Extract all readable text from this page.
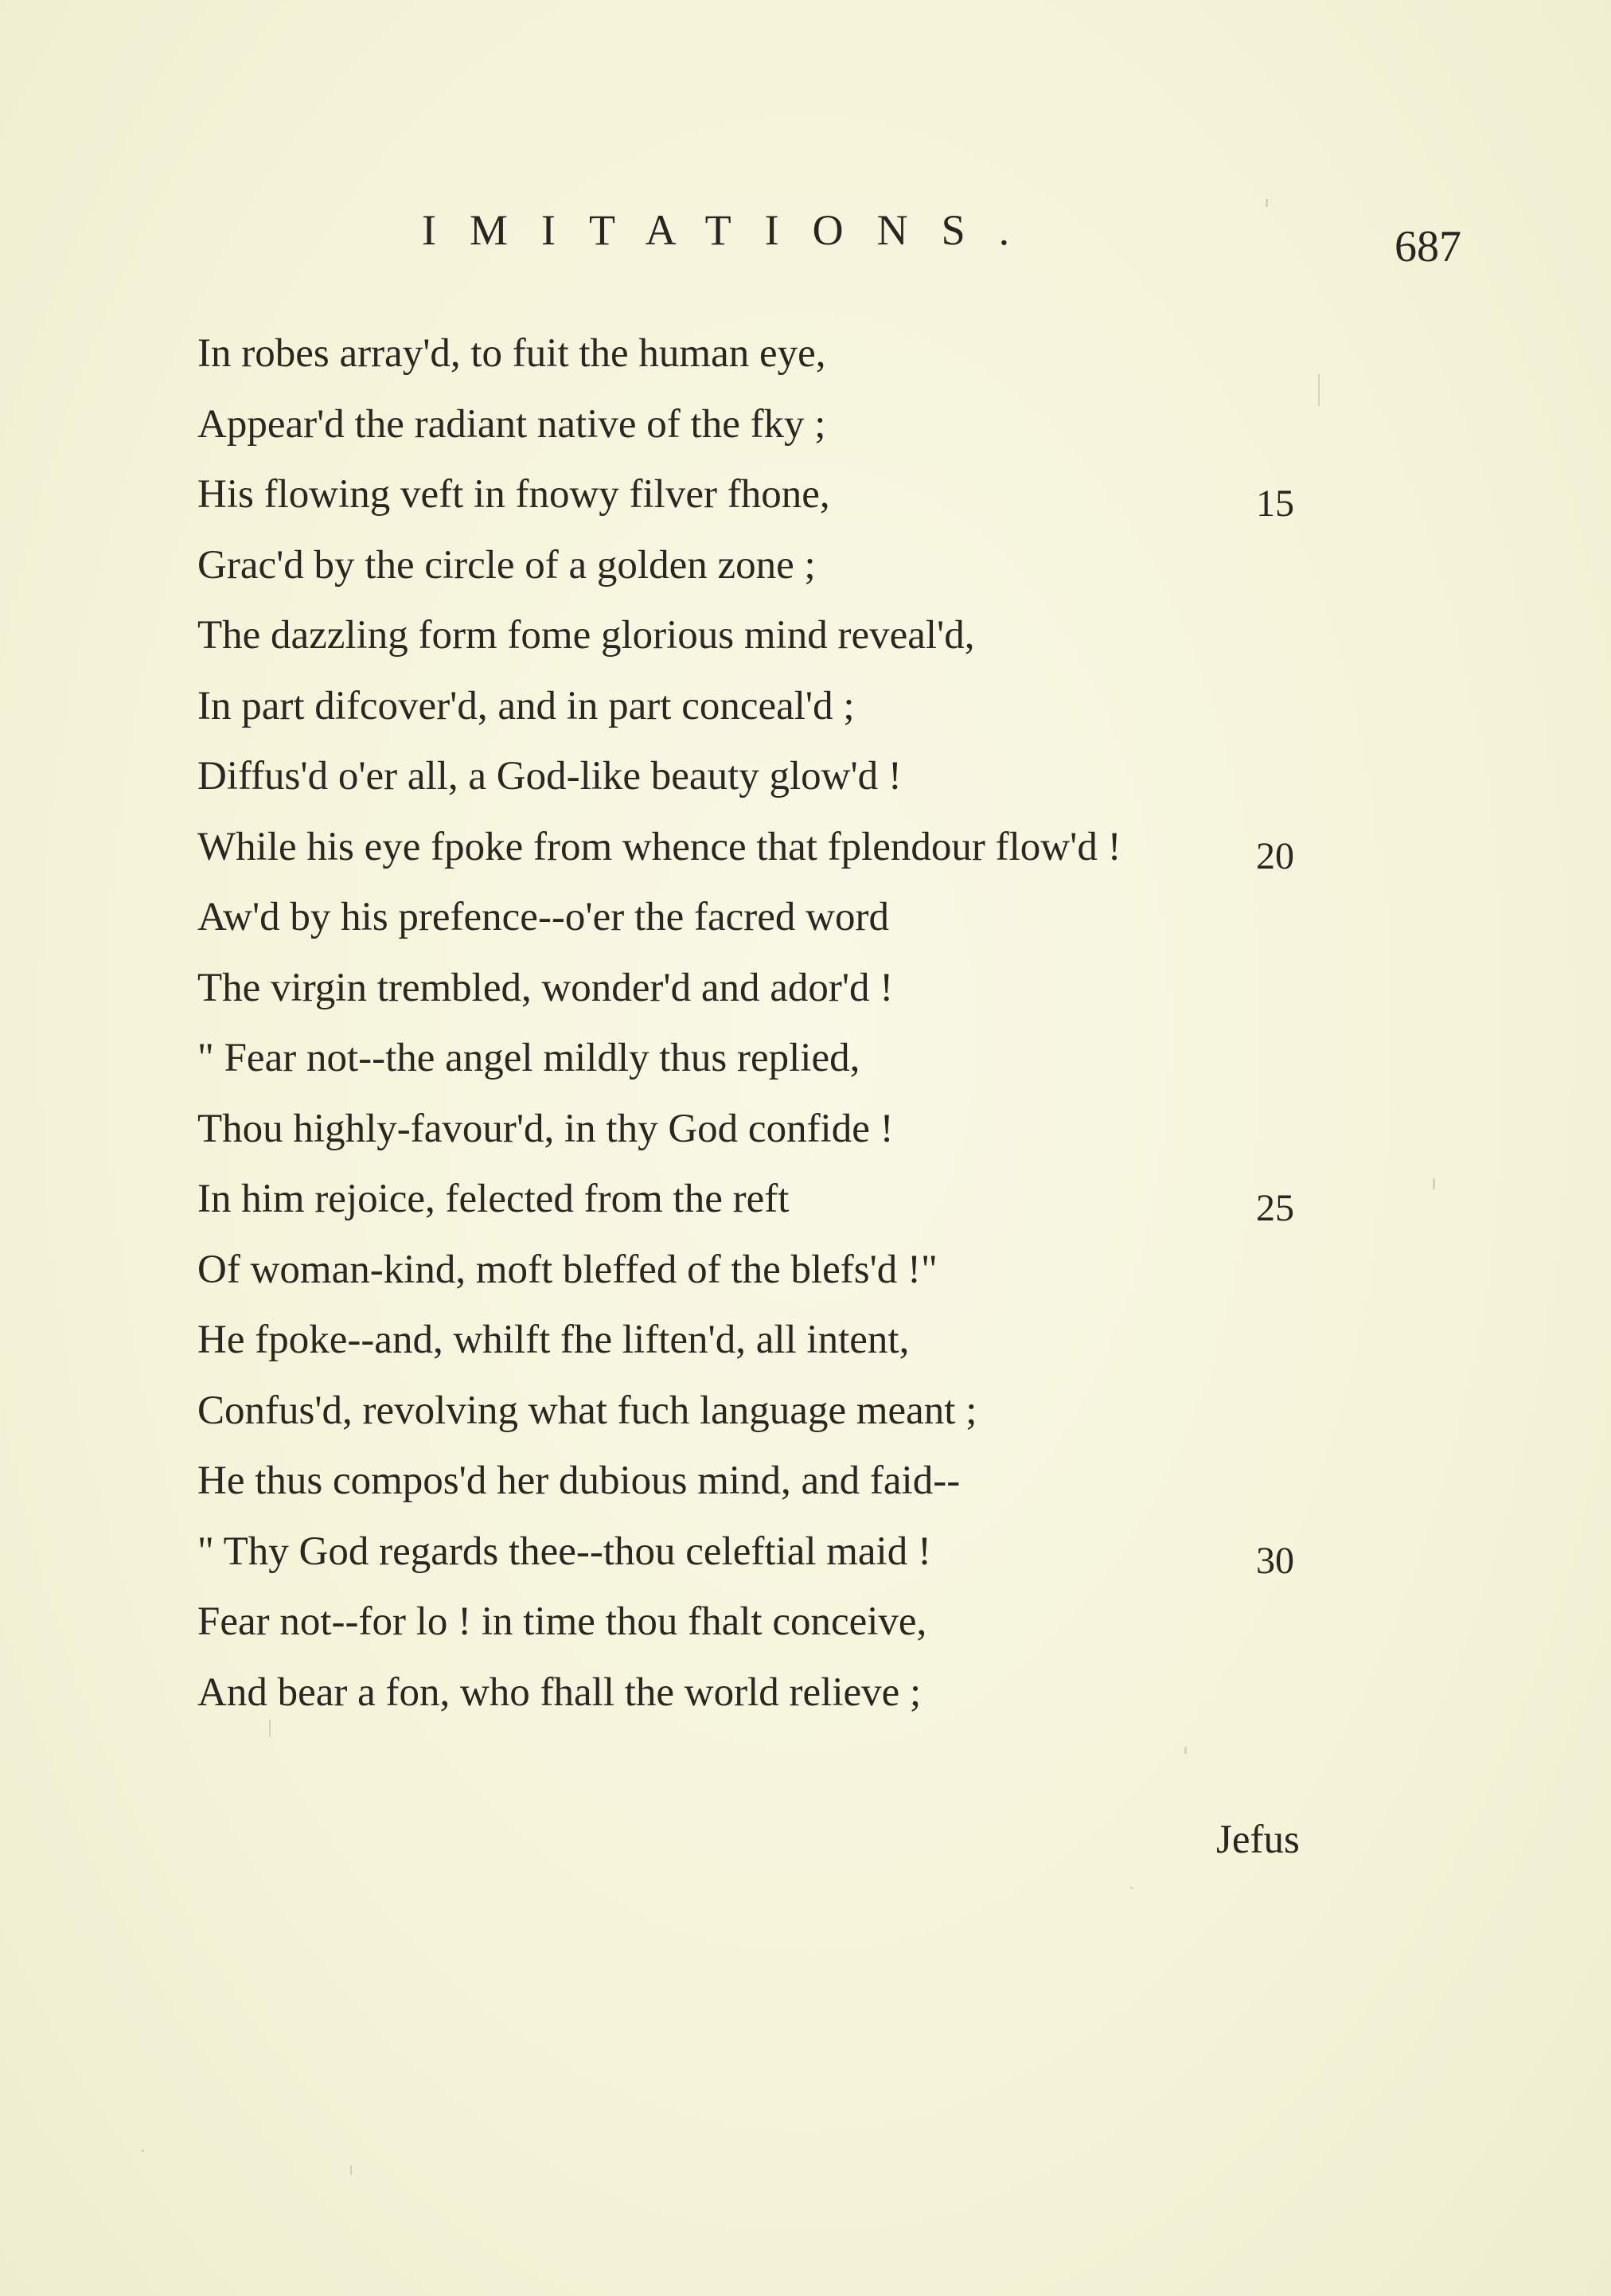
IMITATIONS.	687
In robes array'd, to fuit the human eye,
Appear'd the radiant native of the fky ;
His flowing veft in fnowy filver fhone,	15
Grac'd by the circle of a golden zone ;
The dazzling form fome glorious mind reveal'd,
In part difcover'd, and in part conceal'd ;
Diffus'd o'er all, a God-like beauty glow'd !
While his eye fpoke from whence that fplendour flow'd !	20
Aw'd by his prefence--o'er the facred word
The virgin trembled, wonder'd and ador'd !
" Fear not--the angel mildly thus replied,
Thou highly-favour'd, in thy God confide !
In him rejoice, felected from the reft	25
Of woman-kind, moft bleffed of the blefs'd !"
He fpoke--and, whilft fhe liften'd, all intent,
Confus'd, revolving what fuch language meant ;
He thus compos'd her dubious mind, and faid--
" Thy God regards thee--thou celeftial maid !	30
Fear not--for lo ! in time thou fhalt conceive,
And bear a fon, who fhall the world relieve ;
Jefus
